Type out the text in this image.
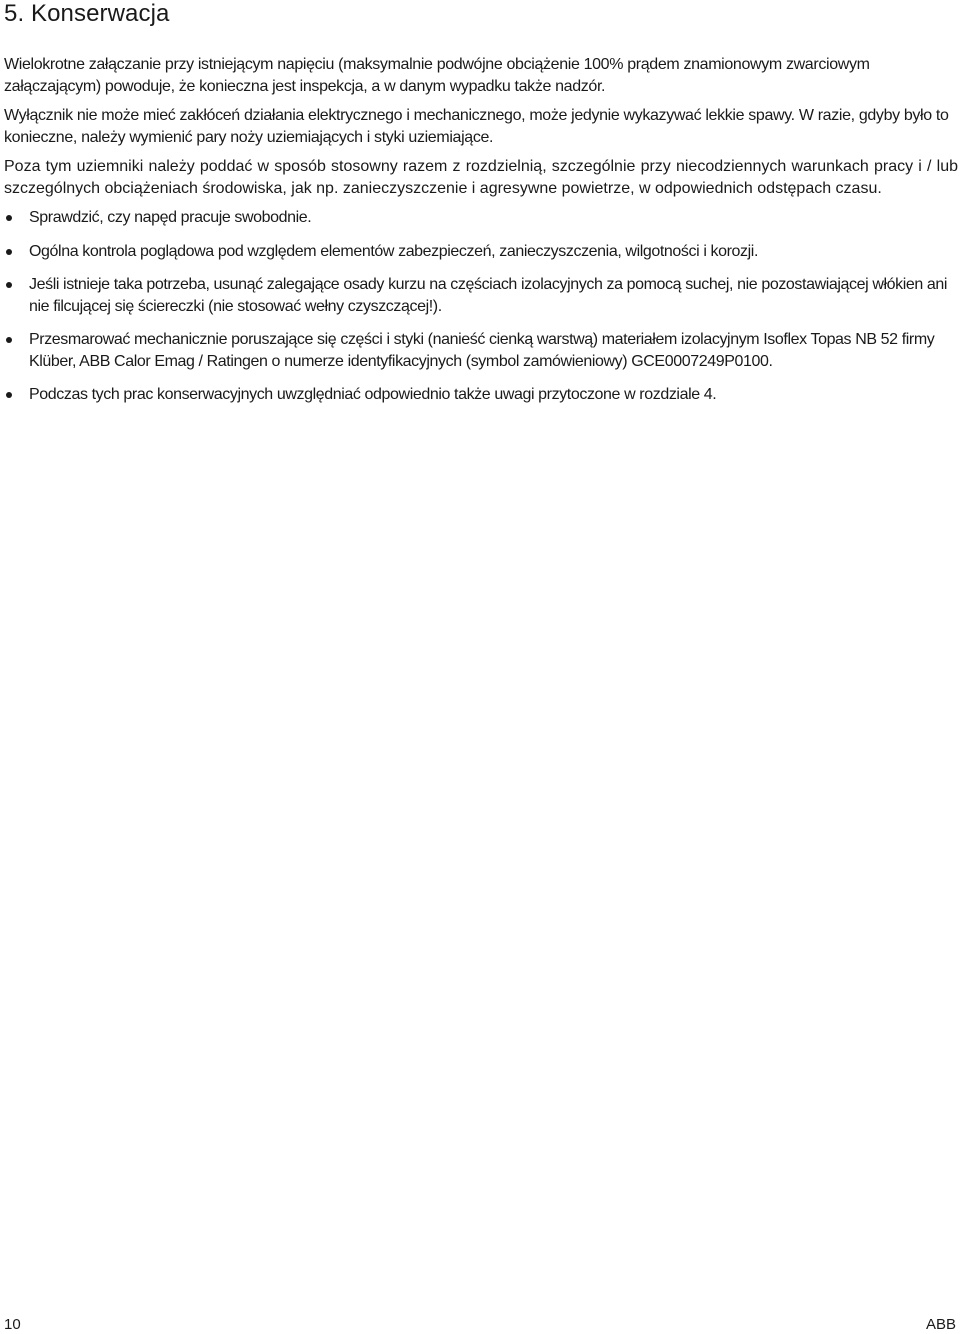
5. Konserwacja

Wielokrotne załączanie przy istniejącym napięciu (maksymalnie podwójne obciążenie 100% prądem znamionowym zwarciowym załączającym) powoduje, że konieczna jest inspekcja, a w danym wypadku także nadzór.

Wyłącznik nie może mieć zakłóceń działania elektrycznego i mechanicznego, może jedynie wykazywać lekkie spawy. W razie, gdyby było to konieczne, należy wymienić pary noży uziemiających i styki uziemiające.

Poza tym uziemniki należy poddać w sposób stosowny razem z rozdzielnią, szczególnie przy niecodziennych warunkach pracy i / lub szczególnych obciążeniach środowiska, jak np. zanieczyszczenie i agresywne powietrze, w odpowiednich odstępach czasu.

Sprawdzić, czy napęd pracuje swobodnie.
Ogólna kontrola poglądowa pod względem elementów zabezpieczeń, zanieczyszczenia, wilgotności i korozji.
Jeśli istnieje taka potrzeba, usunąć zalegające osady kurzu na częściach izolacyjnych za pomocą suchej, nie pozostawiającej włókien ani nie filcującej się ściereczki (nie stosować wełny czyszczącej!).
Przesmarować mechanicznie poruszające się części i styki (nanieść cienką warstwą) materiałem izolacyjnym Isoflex Topas NB 52 firmy Klüber, ABB Calor Emag / Ratingen o numerze identyfikacyjnych (symbol zamówieniowy) GCE0007249P0100.
Podczas tych prac konserwacyjnych uwzględniać odpowiednio także uwagi przytoczone w rozdziale 4.
10	ABB
